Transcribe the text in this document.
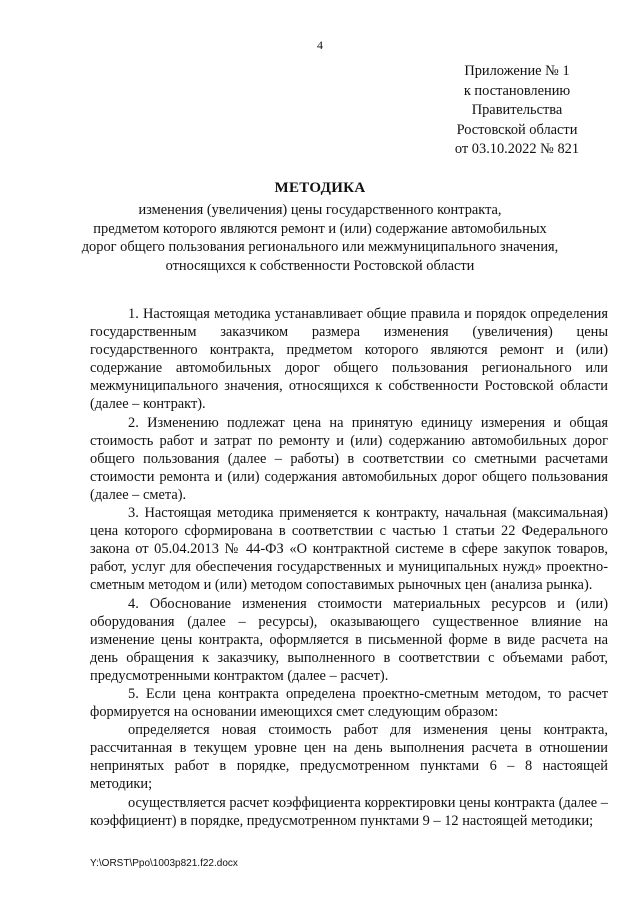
4
Приложение № 1
к постановлению
Правительства
Ростовской области
от 03.10.2022 № 821
МЕТОДИКА
изменения (увеличения) цены государственного контракта,
предметом которого являются ремонт и (или) содержание автомобильных
дорог общего пользования регионального или межмуниципального значения,
относящихся к собственности Ростовской области

1. Настоящая методика устанавливает общие правила и порядок определения государственным заказчиком размера изменения (увеличения) цены государственного контракта, предметом которого являются ремонт и (или) содержание автомобильных дорог общего пользования регионального или межмуниципального значения, относящихся к собственности Ростовской области (далее – контракт).

2. Изменению подлежат цена на принятую единицу измерения и общая стоимость работ и затрат по ремонту и (или) содержанию автомобильных дорог общего пользования (далее – работы) в соответствии со сметными расчетами стоимости ремонта и (или) содержания автомобильных дорог общего пользования (далее – смета).

3. Настоящая методика применяется к контракту, начальная (максимальная) цена которого сформирована в соответствии с частью 1 статьи 22 Федерального закона от 05.04.2013 № 44-ФЗ «О контрактной системе в сфере закупок товаров, работ, услуг для обеспечения государственных и муниципальных нужд» проектно-сметным методом и (или) методом сопоставимых рыночных цен (анализа рынка).

4. Обоснование изменения стоимости материальных ресурсов и (или) оборудования (далее – ресурсы), оказывающего существенное влияние на изменение цены контракта, оформляется в письменной форме в виде расчета на день обращения к заказчику, выполненного в соответствии с объемами работ, предусмотренными контрактом (далее – расчет).

5. Если цена контракта определена проектно-сметным методом, то расчет формируется на основании имеющихся смет следующим образом:

определяется новая стоимость работ для изменения цены контракта, рассчитанная в текущем уровне цен на день выполнения расчета в отношении непринятых работ в порядке, предусмотренном пунктами 6 – 8 настоящей методики;

осуществляется расчет коэффициента корректировки цены контракта (далее – коэффициент) в порядке, предусмотренном пунктами 9 – 12 настоящей методики;

Y:\ORST\Ppo\1003p821.f22.docx
